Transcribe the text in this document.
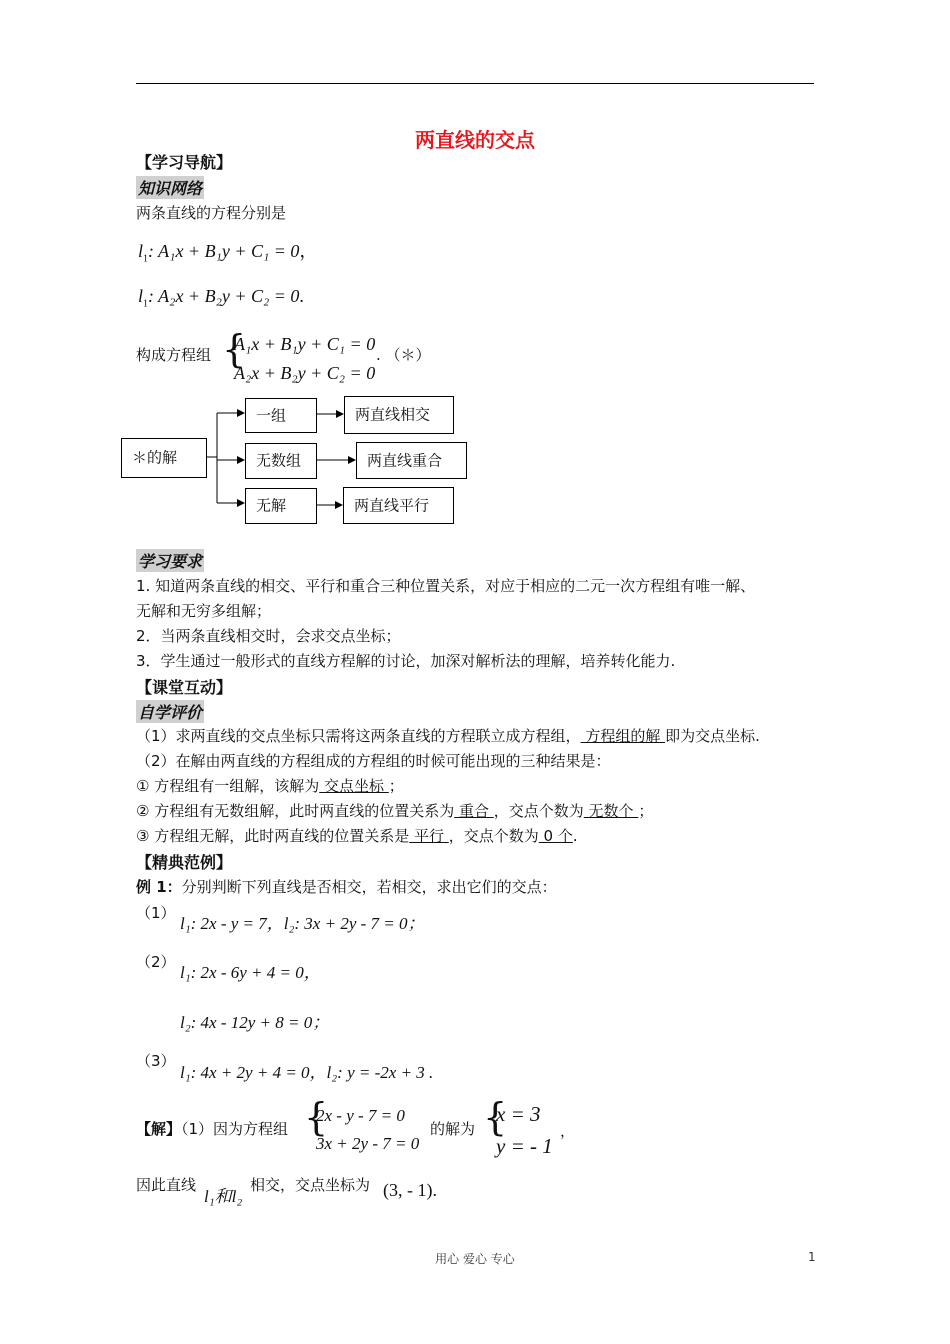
两直线的交点
【学习导航】
知识网络
两条直线的方程分别是
$l_1$: A₁x + B₁y + C₁ = 0，
$l_1$: A₂x + B₂y + C₂ = 0.
构成方程组 {
A₁x + B₁y + C₁ = 0
A₂x + B₂y + C₂ = 0
. （＊）
＊的解
一组
无数组
无解
两直线相交
两直线重合
两直线平行
学习要求
1. 知道两条直线的相交、平行和重合三种位置关系，对应于相应的二元一次方程组有唯一解、
无解和无穷多组解；
2．当两条直线相交时，会求交点坐标；
3．学生通过一般形式的直线方程解的讨论，加深对解析法的理解，培养转化能力.
【课堂互动】
自学评价
（1）求两直线的交点坐标只需将这两条直线的方程联立成方程组， 方程组的解 即为交点坐标.
（2）在解由两直线的方程组成的方程组的时候可能出现的三种结果是：
① 方程组有一组解，该解为 交点坐标 ；
② 方程组有无数组解，此时两直线的位置关系为 重合 ，交点个数为 无数个 ；
③ 方程组无解，此时两直线的位置关系是 平行 ，交点个数为 0 个.
【精典范例】
例 1：分别判断下列直线是否相交，若相交，求出它们的交点：
（1）
l₁: 2x - y = 7，l₂: 3x + 2y - 7 = 0；
（2）
l₁: 2x - 6y + 4 = 0，
l₂: 4x - 12y + 8 = 0；
（3）
l₁: 4x + 2y + 4 = 0，l₂: y = -2x + 3 .
【解】（1）因为方程组 {
2x - y - 7 = 0
3x + 2y - 7 = 0
的解为 {
x = 3
y = - 1
，
因此直线
l₁和l₂
相交，交点坐标为 (3, - 1).
用心 爱心 专心	1
